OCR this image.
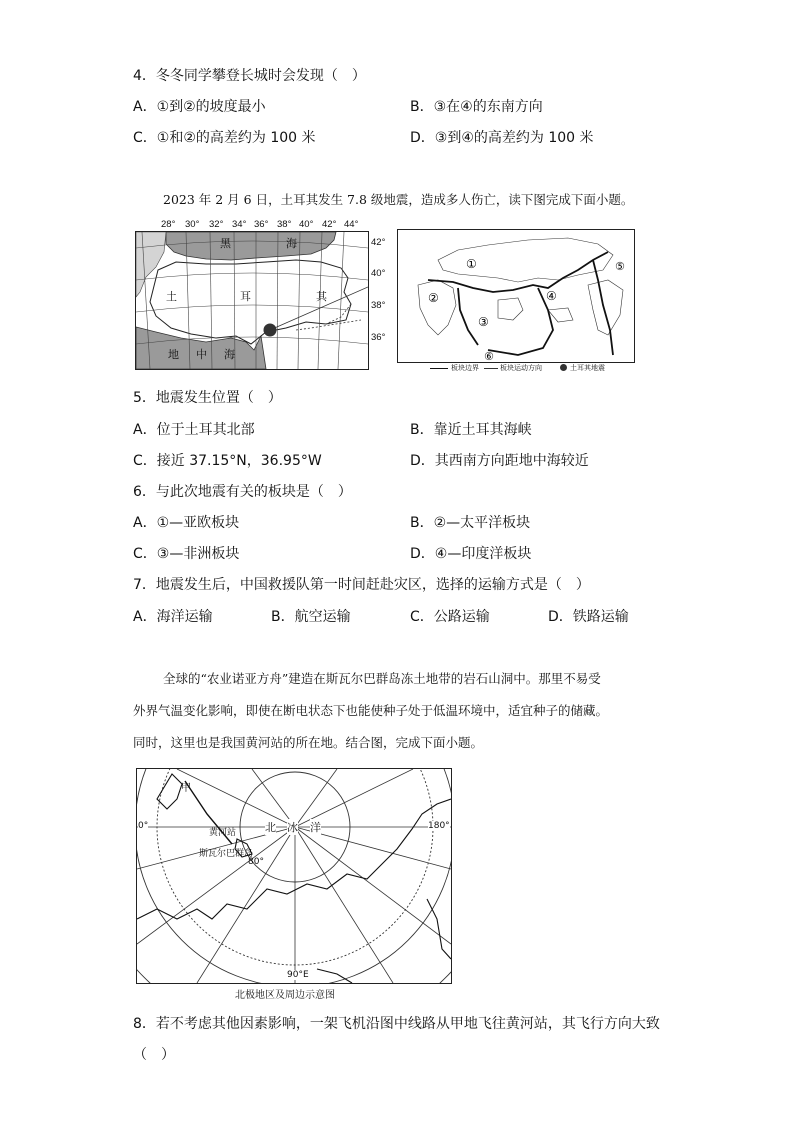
4．冬冬同学攀登长城时会发现（　）
A．①到②的坡度最小	B．③在④的东南方向
C．①和②的高差约为 100 米	D．③到④的高差约为 100 米
2023 年 2 月 6 日，土耳其发生 7.8 级地震，造成多人伤亡，读下图完成下面小题。
28° 30° 32° 34° 36° 38° 40° 42° 44°
黑	海
土	耳	其
地 中 海
42°
40°
38°
36°
①
②
③
④
⑤
⑥
板块边界	板块运动方向	土耳其地震
5．地震发生位置（　）
A．位于土耳其北部	B．靠近土耳其海峡
C．接近 37.15°N，36.95°W	D．其西南方向距地中海较近
6．与此次地震有关的板块是（　）
A．①—亚欧板块	B．②—太平洋板块
C．③—非洲板块	D．④—印度洋板块
7．地震发生后，中国救援队第一时间赶赴灾区，选择的运输方式是（　）
A．海洋运输	B．航空运输	C．公路运输	D．铁路运输
全球的“农业诺亚方舟”建造在斯瓦尔巴群岛冻土地带的岩石山洞中。那里不易受
外界气温变化影响，即使在断电状态下也能使种子处于低温环境中，适宜种子的储藏。
同时，这里也是我国黄河站的所在地。结合图，完成下面小题。
甲
黄河站
斯瓦尔巴群岛
北 冰 洋
0°	180°
80°
90°E
北极地区及周边示意图
8．若不考虑其他因素影响，一架飞机沿图中线路从甲地飞往黄河站，其飞行方向大致
（　）
